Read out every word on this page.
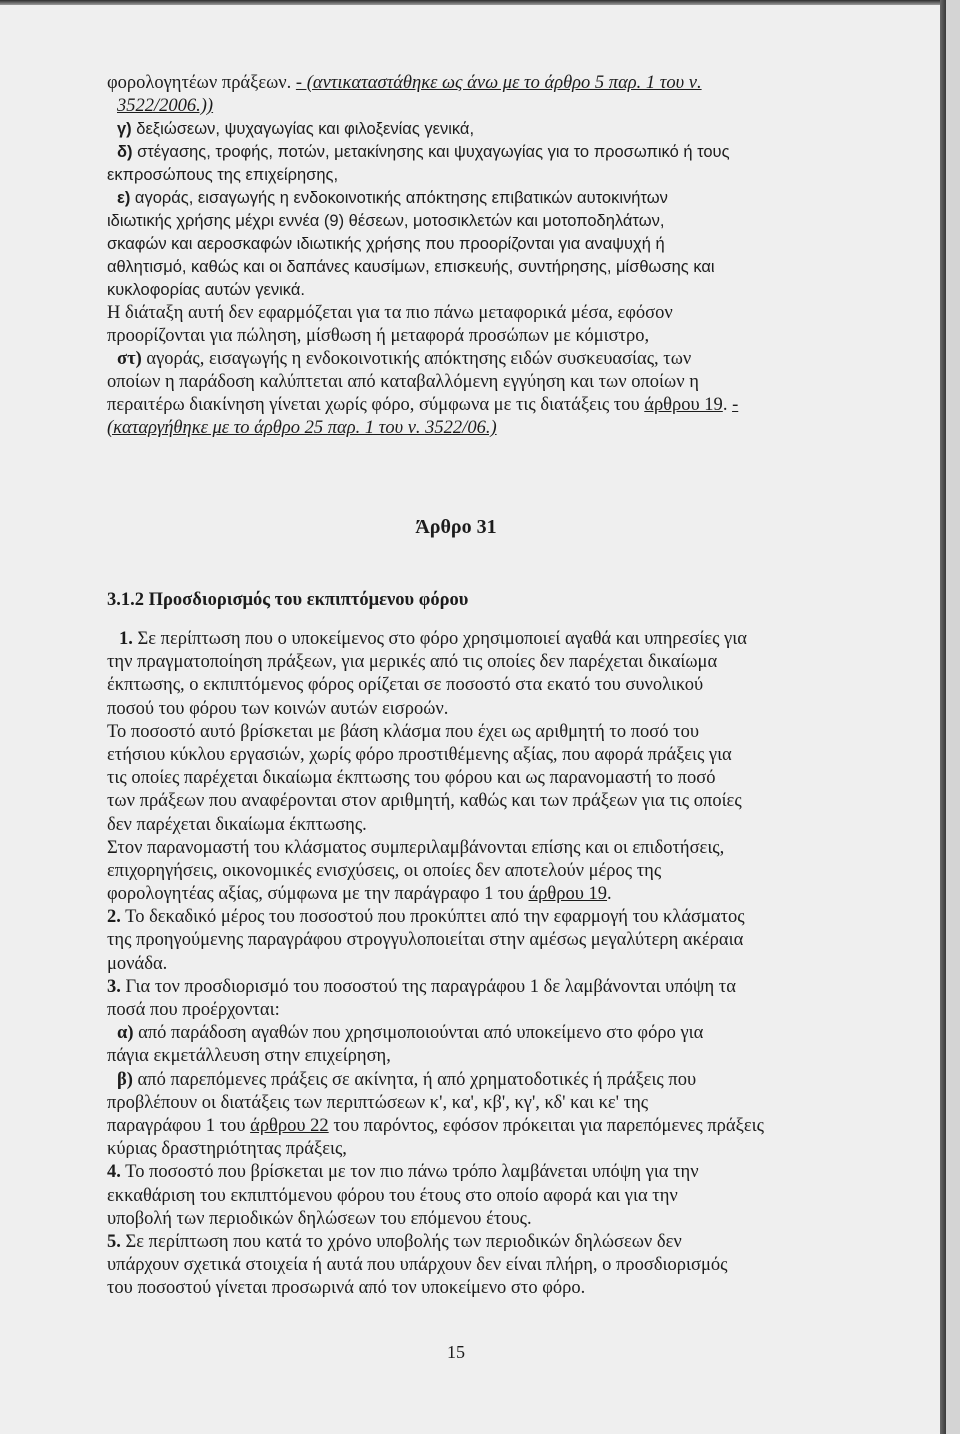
φορολογητέων πράξεων. - (αντικαταστάθηκε ως άνω με το άρθρο 5 παρ. 1 του ν.
3522/2006.))
γ) δεξιώσεων, ψυχαγωγίας και φιλοξενίας γενικά,
δ) στέγασης, τροφής, ποτών, μετακίνησης και ψυχαγωγίας για το προσωπικό ή τους
εκπροσώπους της επιχείρησης,
ε) αγοράς, εισαγωγής η ενδοκοινοτικής απόκτησης επιβατικών αυτοκινήτων
ιδιωτικής χρήσης μέχρι εννέα (9) θέσεων, μοτοσικλετών και μοτοποδηλάτων,
σκαφών και αεροσκαφών ιδιωτικής χρήσης που προορίζονται για αναψυχή ή
αθλητισμό, καθώς και οι δαπάνες καυσίμων, επισκευής, συντήρησης, μίσθωσης και
κυκλοφορίας αυτών γενικά.
Η διάταξη αυτή δεν εφαρμόζεται για τα πιο πάνω μεταφορικά μέσα, εφόσον
προορίζονται για πώληση, μίσθωση ή μεταφορά προσώπων με κόμιστρο,
στ) αγοράς, εισαγωγής η ενδοκοινοτικής απόκτησης ειδών συσκευασίας, των
οποίων η παράδοση καλύπτεται από καταβαλλόμενη εγγύηση και των οποίων η
περαιτέρω διακίνηση γίνεται χωρίς φόρο, σύμφωνα με τις διατάξεις του άρθρου 19. -
(καταργήθηκε με το άρθρο 25 παρ. 1 του ν. 3522/06.)
Άρθρο 31
3.1.2 Προσδιορισμός του εκπιπτόμενου φόρου
1. Σε περίπτωση που ο υποκείμενος στο φόρο χρησιμοποιεί αγαθά και υπηρεσίες για
την πραγματοποίηση πράξεων, για μερικές από τις οποίες δεν παρέχεται δικαίωμα
έκπτωσης, ο εκπιπτόμενος φόρος ορίζεται σε ποσοστό στα εκατό του συνολικού
ποσού του φόρου των κοινών αυτών εισροών.
Το ποσοστό αυτό βρίσκεται με βάση κλάσμα που έχει ως αριθμητή το ποσό του
ετήσιου κύκλου εργασιών, χωρίς φόρο προστιθέμενης αξίας, που αφορά πράξεις για
τις οποίες παρέχεται δικαίωμα έκπτωσης του φόρου και ως παρανομαστή το ποσό
των πράξεων που αναφέρονται στον αριθμητή, καθώς και των πράξεων για τις οποίες
δεν παρέχεται δικαίωμα έκπτωσης.
Στον παρανομαστή του κλάσματος συμπεριλαμβάνονται επίσης και οι επιδοτήσεις,
επιχορηγήσεις, οικονομικές ενισχύσεις, οι οποίες δεν αποτελούν μέρος της
φορολογητέας αξίας, σύμφωνα με την παράγραφο 1 του άρθρου 19.
2. Το δεκαδικό μέρος του ποσοστού που προκύπτει από την εφαρμογή του κλάσματος
της προηγούμενης παραγράφου στρογγυλοποιείται στην αμέσως μεγαλύτερη ακέραια
μονάδα.
3. Για τον προσδιορισμό του ποσοστού της παραγράφου 1 δε λαμβάνονται υπόψη τα
ποσά που προέρχονται:
α) από παράδοση αγαθών που χρησιμοποιούνται από υποκείμενο στο φόρο για
πάγια εκμετάλλευση στην επιχείρηση,
β) από παρεπόμενες πράξεις σε ακίνητα, ή από χρηματοδοτικές ή πράξεις που
προβλέπουν οι διατάξεις των περιπτώσεων κ', κα', κβ', κγ', κδ' και κε' της
παραγράφου 1 του άρθρου 22 του παρόντος, εφόσον πρόκειται για παρεπόμενες πράξεις
κύριας δραστηριότητας πράξεις,
4. Το ποσοστό που βρίσκεται με τον πιο πάνω τρόπο λαμβάνεται υπόψη για την
εκκαθάριση του εκπιπτόμενου φόρου του έτους στο οποίο αφορά και για την
υποβολή των περιοδικών δηλώσεων του επόμενου έτους.
5. Σε περίπτωση που κατά το χρόνο υποβολής των περιοδικών δηλώσεων δεν
υπάρχουν σχετικά στοιχεία ή αυτά που υπάρχουν δεν είναι πλήρη, ο προσδιορισμός
του ποσοστού γίνεται προσωρινά από τον υποκείμενο στο φόρο.
15
